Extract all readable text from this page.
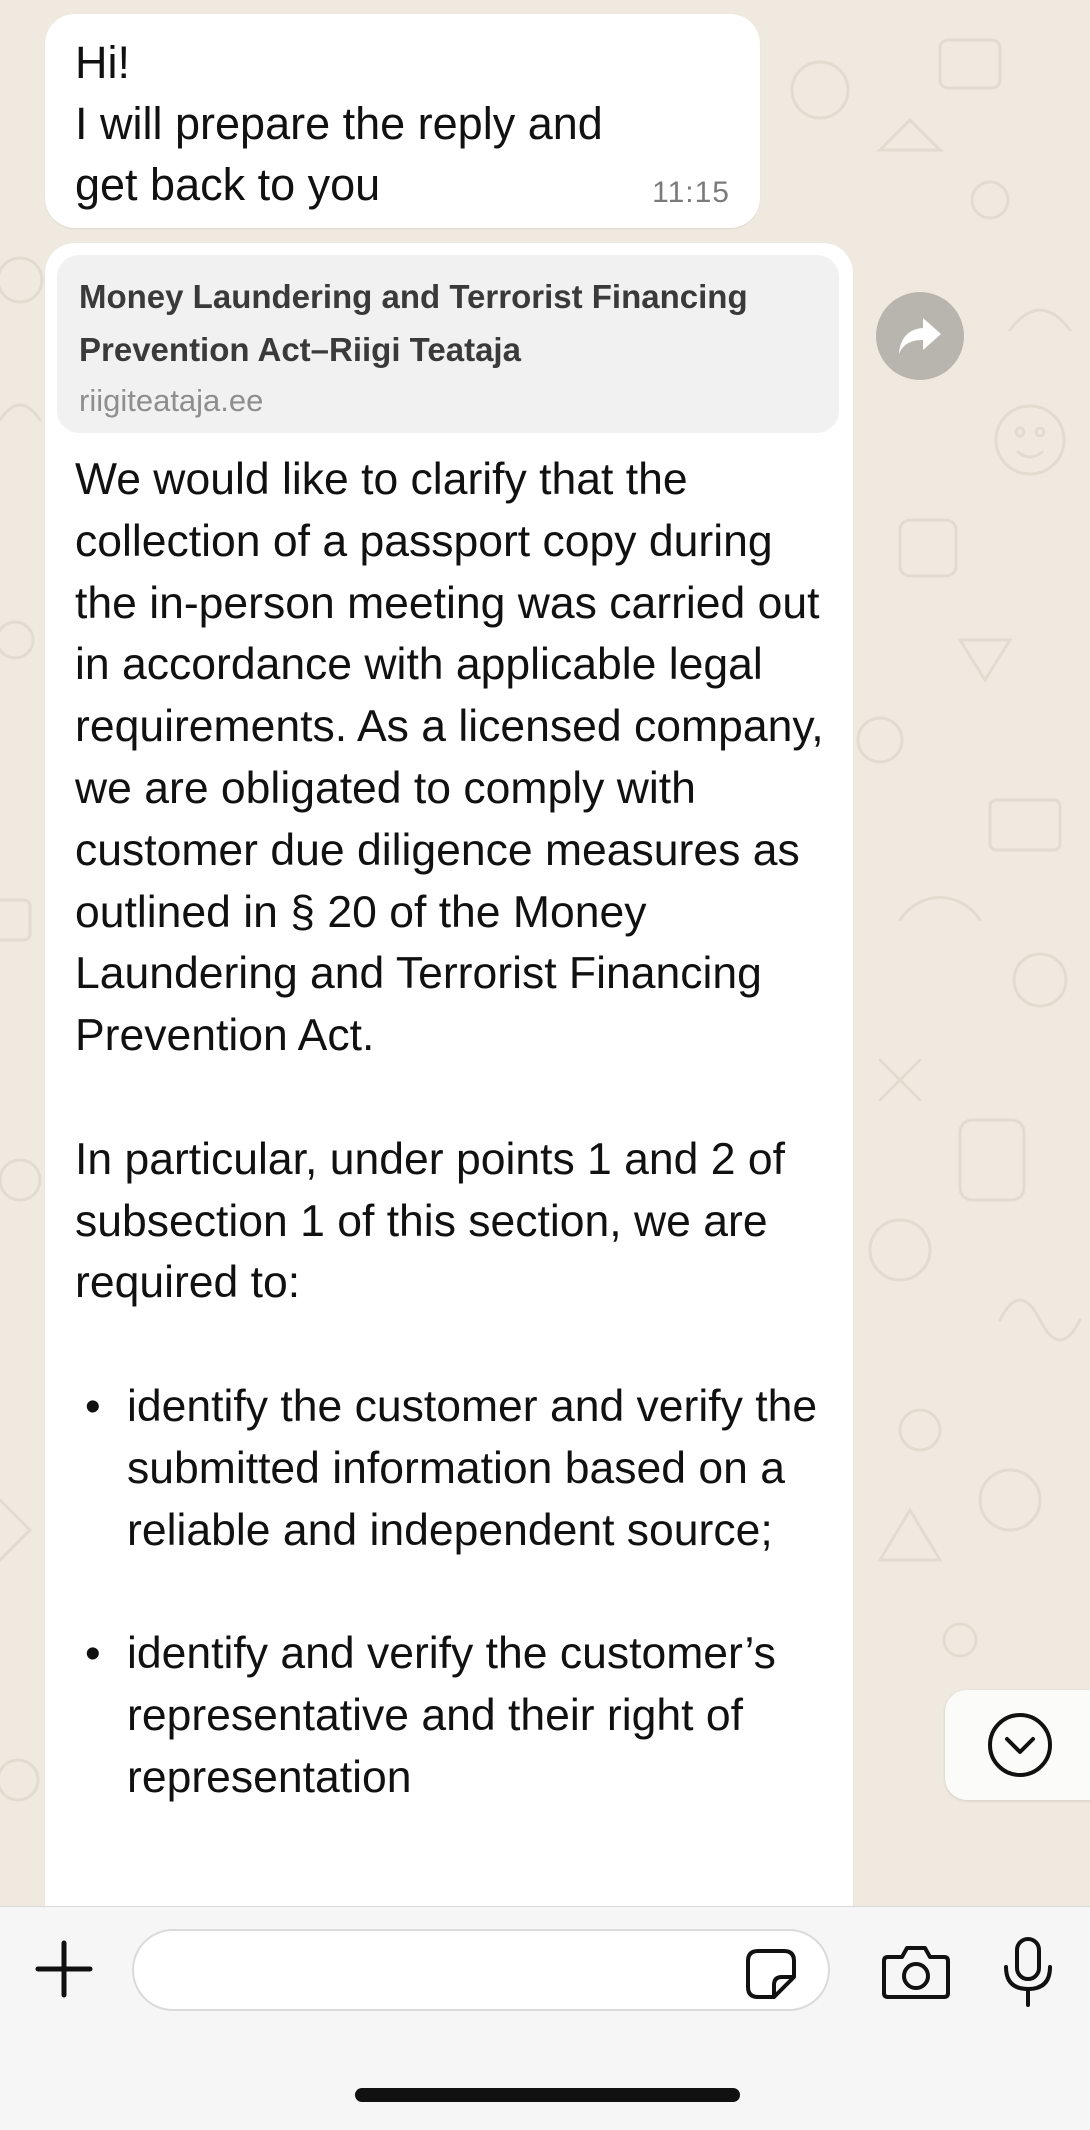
Hi!
I will prepare the reply and get back to you	11:15

Money Laundering and Terrorist Financing Prevention Act–Riigi Teataja

riigiteataja.ee

We would like to clarify that the collection of a passport copy during the in-person meeting was carried out in accordance with applicable legal requirements. As a licensed company, we are obligated to comply with customer due diligence measures as outlined in § 20 of the Money Laundering and Terrorist Financing Prevention Act.

In particular, under points 1 and 2 of subsection 1 of this section, we are required to:

• identify the customer and verify the submitted information based on a reliable and independent source;
• identify and verify the customer’s representative and their right of representation
